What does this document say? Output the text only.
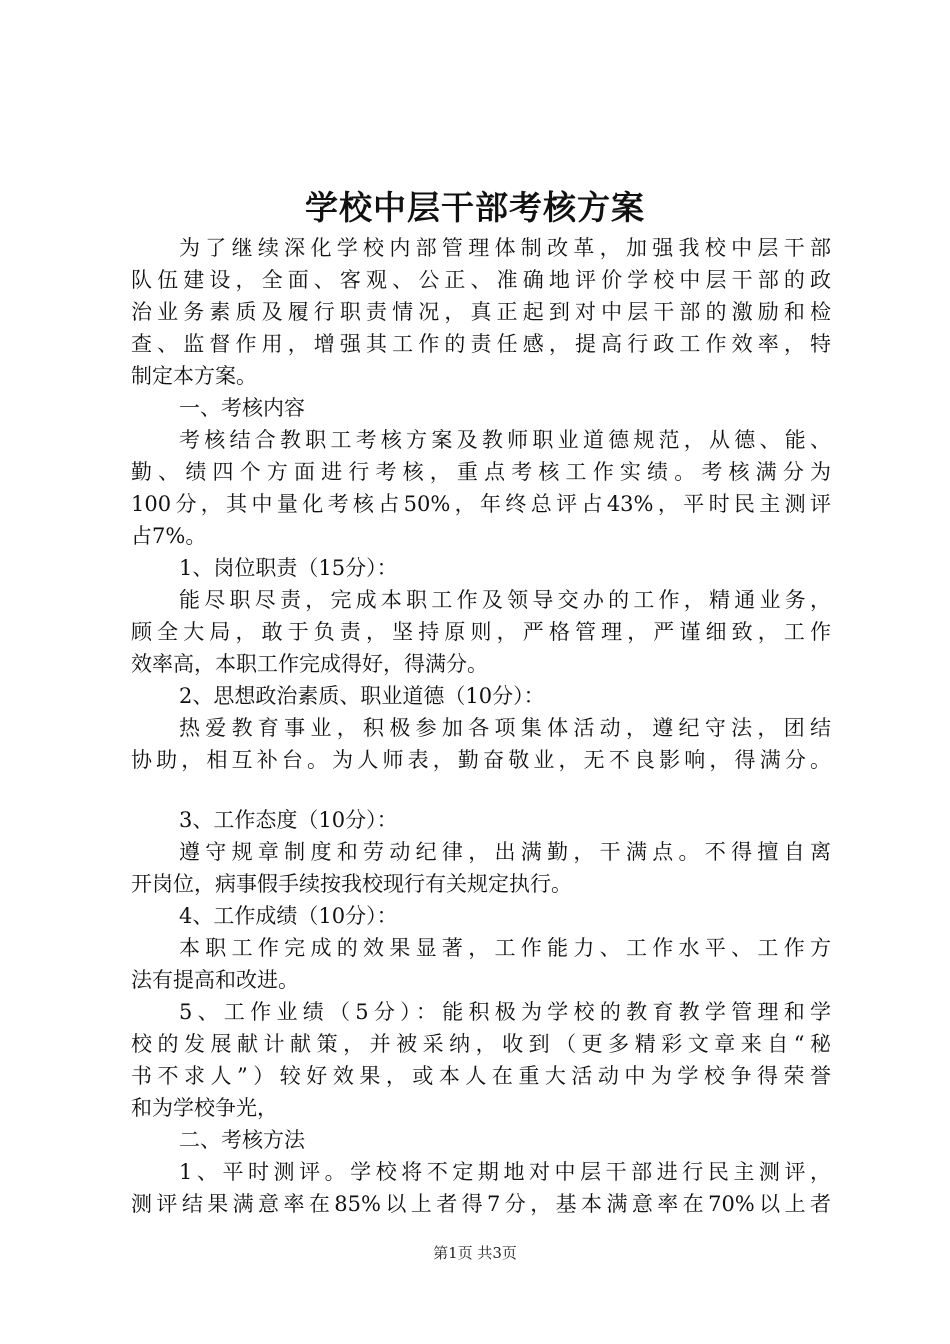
学校中层干部考核方案
为了继续深化学校内部管理体制改革，加强我校中层干部
队伍建设，全面、客观、公正、准确地评价学校中层干部的政
治业务素质及履行职责情况，真正起到对中层干部的激励和检
查、监督作用，增强其工作的责任感，提高行政工作效率，特
制定本方案。
一、考核内容
考核结合教职工考核方案及教师职业道德规范，从德、能、
勤、绩四个方面进行考核，重点考核工作实绩。考核满分为
100分，其中量化考核占50%，年终总评占43%，平时民主测评
占7%。
1、岗位职责（15分）：
能尽职尽责，完成本职工作及领导交办的工作，精通业务，
顾全大局，敢于负责，坚持原则，严格管理，严谨细致，工作
效率高，本职工作完成得好，得满分。
2、思想政治素质、职业道德（10分）：
热爱教育事业，积极参加各项集体活动，遵纪守法，团结
协助，相互补台。为人师表，勤奋敬业，无不良影响，得满分。
3、工作态度（10分）：
遵守规章制度和劳动纪律，出满勤，干满点。不得擅自离
开岗位，病事假手续按我校现行有关规定执行。
4、工作成绩（10分）：
本职工作完成的效果显著，工作能力、工作水平、工作方
法有提高和改进。
5、工作业绩（5分）：能积极为学校的教育教学管理和学
校的发展献计献策，并被采纳，收到（更多精彩文章来自“秘
书不求人”）较好效果，或本人在重大活动中为学校争得荣誉
和为学校争光，
二、考核方法
1、平时测评。学校将不定期地对中层干部进行民主测评，
测评结果满意率在85%以上者得7分，基本满意率在70%以上者
第1页 共3页
